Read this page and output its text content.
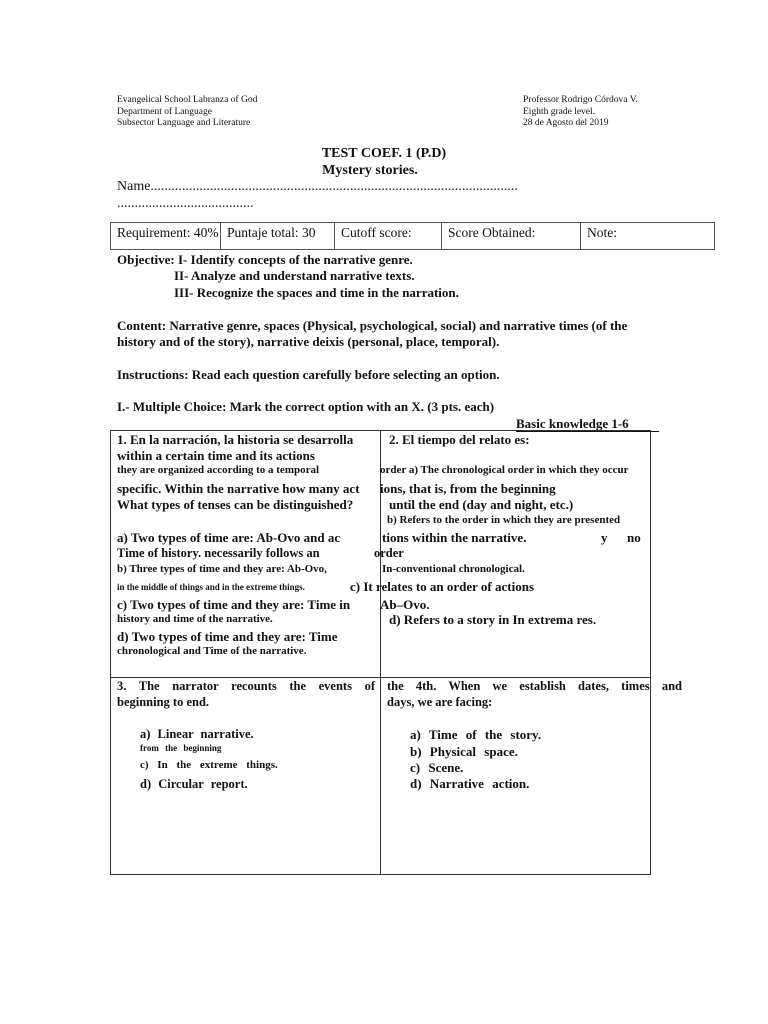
Evangelical School Labranza of God
Department of Language
Subsector Language and Literature
Professor Rodrigo Córdova V.
Eighth grade level.
28 de Agosto del 2019
TEST COEF. 1 (P.D)
Mystery stories.
Name.........................................................................................................
.......................................
Requirement: 40% Puntaje total: 30	Cutoff score:	Score Obtained:	Note:
Objective: I- Identify concepts of the narrative genre.
II- Analyze and understand narrative texts.
III- Recognize the spaces and time in the narration.
Content: Narrative genre, spaces (Physical, psychological, social) and narrative times (of the
history and of the story), narrative deixis (personal, place, temporal).
Instructions: Read each question carefully before selecting an option.
I.- Multiple Choice: Mark the correct option with an X. (3 pts. each)
Basic knowledge 1-6
1. En la narración, la historia se desarrolla
within a certain time and its actions
they are organized according to a temporal
specific. Within the narrative how many act
What types of tenses can be distinguished?
a) Two types of time are: Ab-Ovo and ac
Time of history. necessarily follows an
b) Three types of time and they are: Ab-Ovo,
in the middle of things and in the extreme things.
c) Two types of time and they are: Time in
history and time of the narrative.
d) Two types of time and they are: Time
chronological and Time of the narrative.
2. El tiempo del relato es:
order a) The chronological order in which they occur
ions, that is, from the beginning
until the end (day and night, etc.)
b) Refers to the order in which they are presented
tions within the narrative.	y no
order
In-conventional chronological.
c) It relates to an order of actions
Ab–Ovo.
d) Refers to a story in In extrema res.
3. The narrator recounts the events of
beginning to end.
a) Linear narrative.
from the beginning
c) In the extreme things.
d) Circular report.
the 4th. When we establish dates, times and
days, we are facing:
a) Time of the story.
b) Physical space.
c) Scene.
d) Narrative action.
